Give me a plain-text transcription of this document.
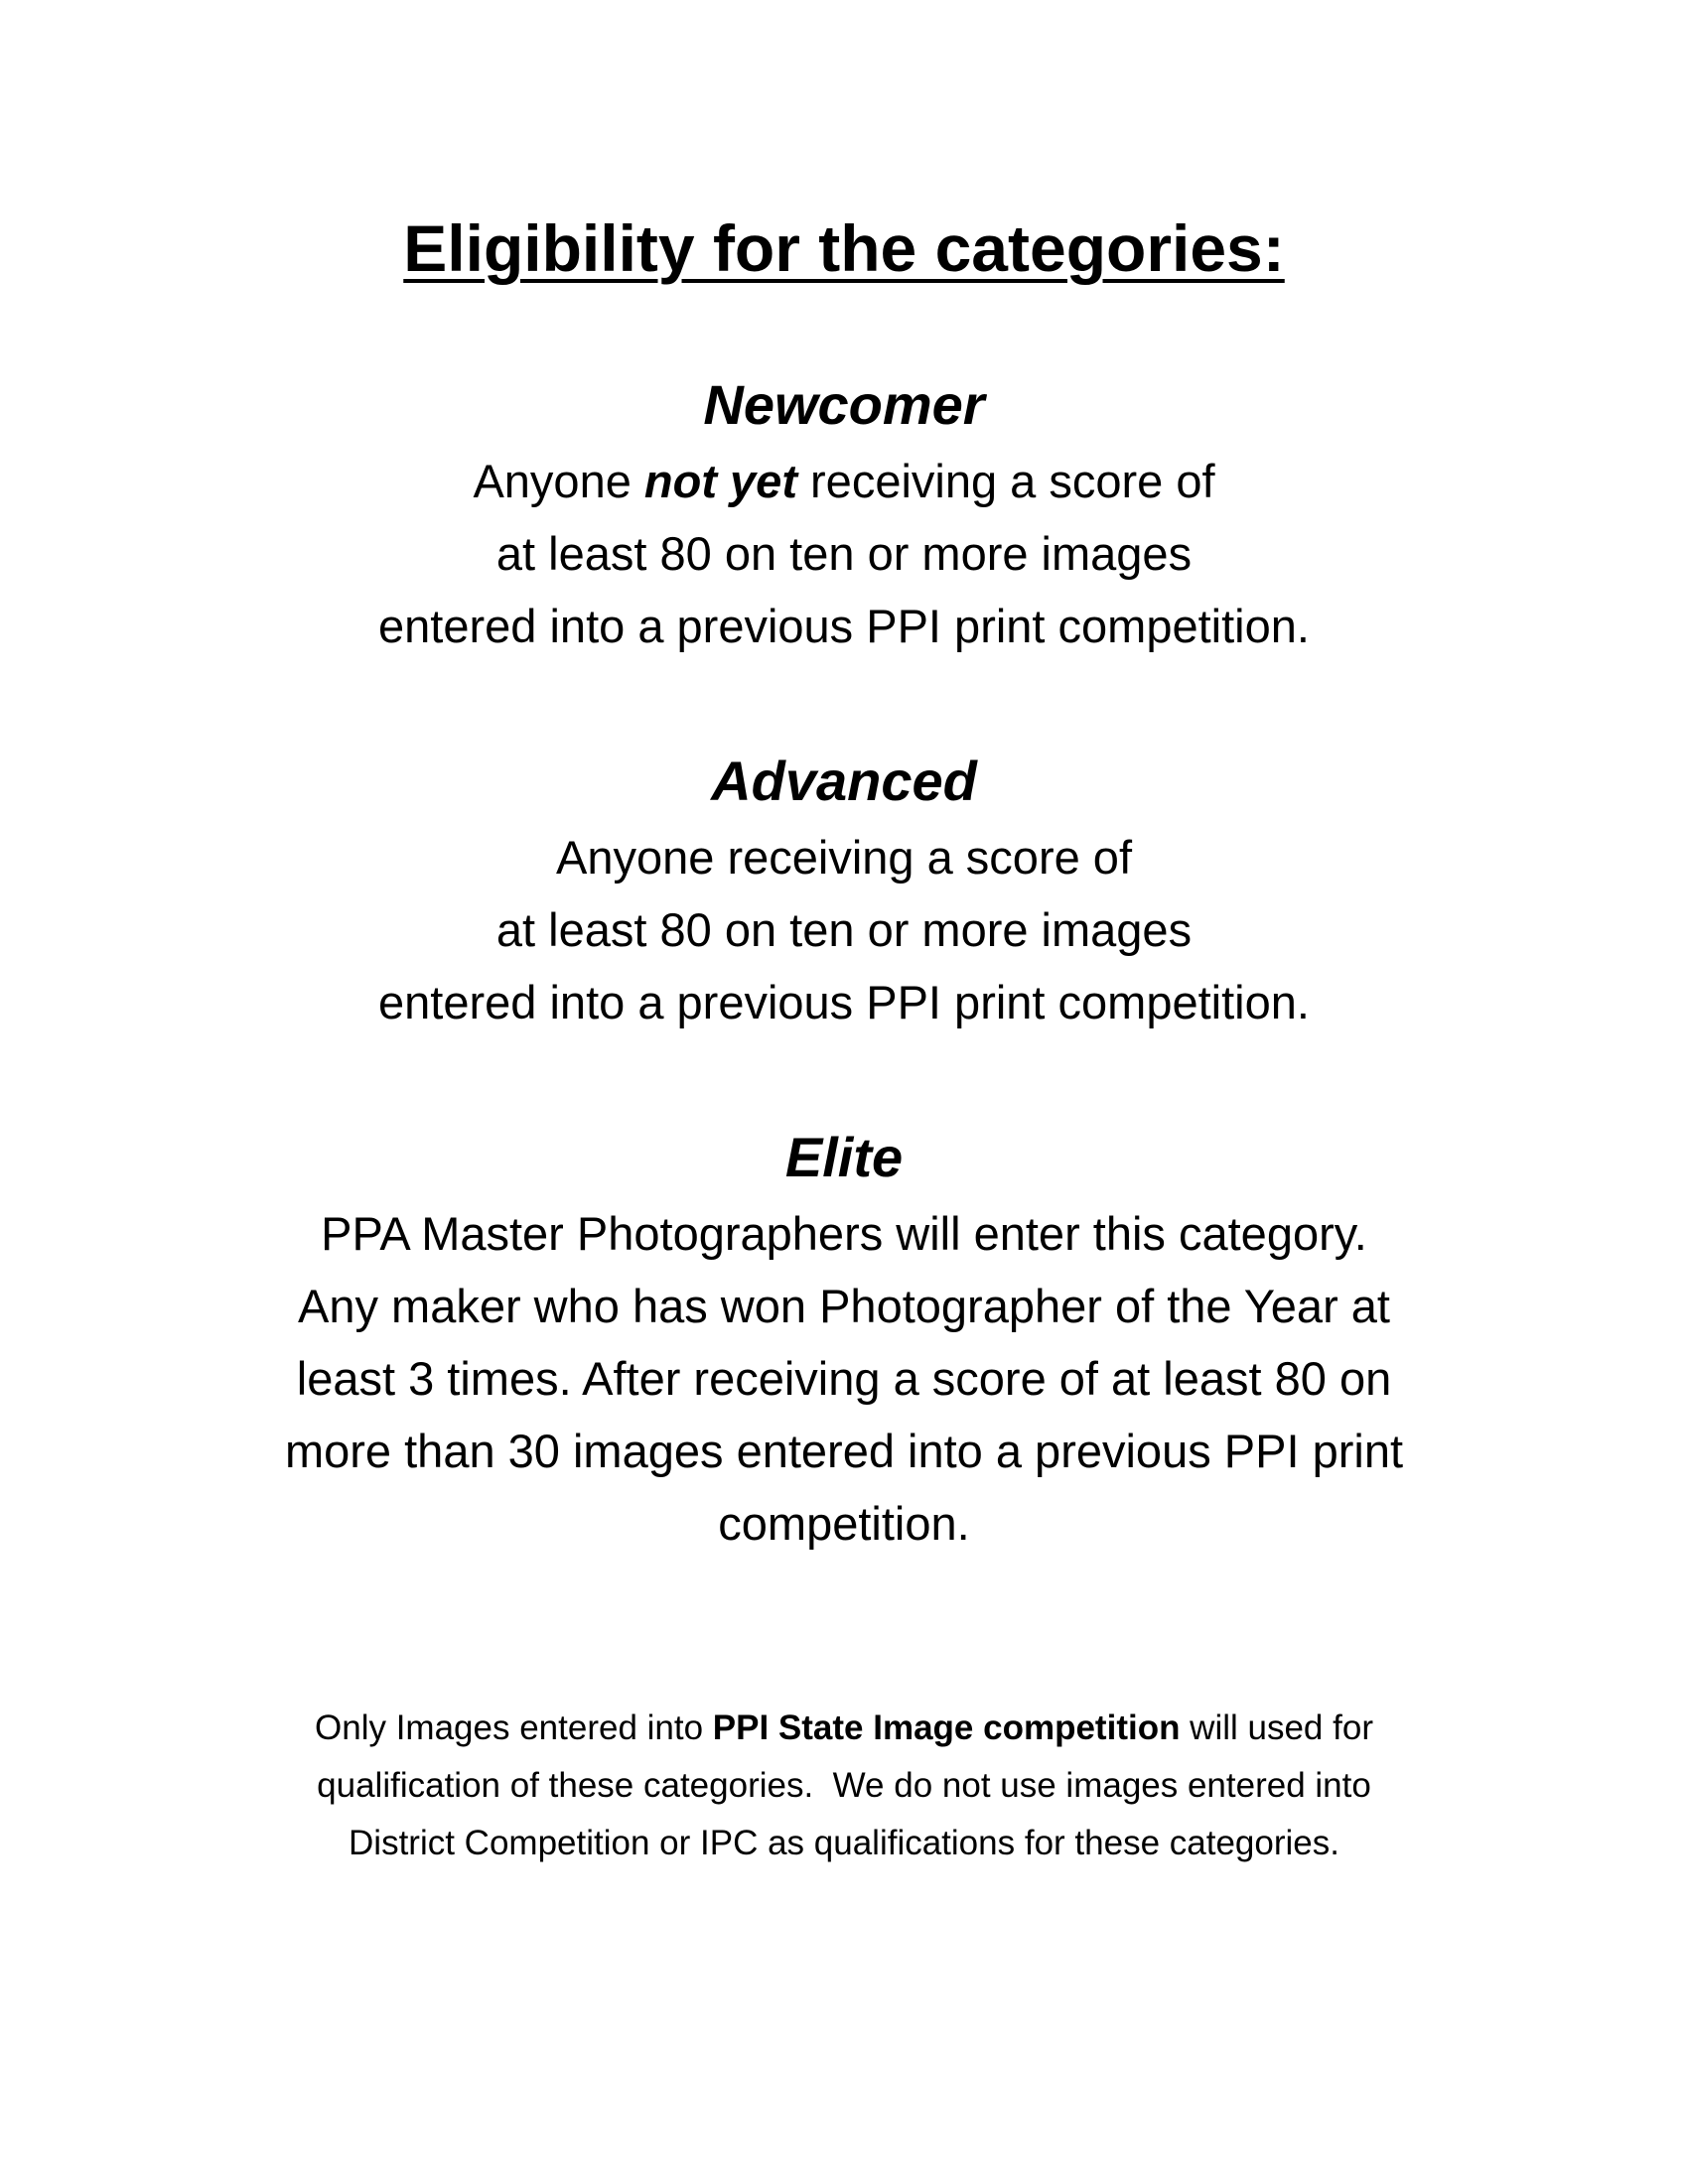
Eligibility for the categories:
Newcomer
Anyone not yet receiving a score of
at least 80 on ten or more images
entered into a previous PPI print competition.
Advanced
Anyone receiving a score of
at least 80 on ten or more images
entered into a previous PPI print competition.
Elite
PPA Master Photographers will enter this category.
Any maker who has won Photographer of the Year at
least 3 times. After receiving a score of at least 80 on
more than 30 images entered into a previous PPI print
competition.
Only Images entered into PPI State Image competition will used for
qualification of these categories.  We do not use images entered into
District Competition or IPC as qualifications for these categories.
